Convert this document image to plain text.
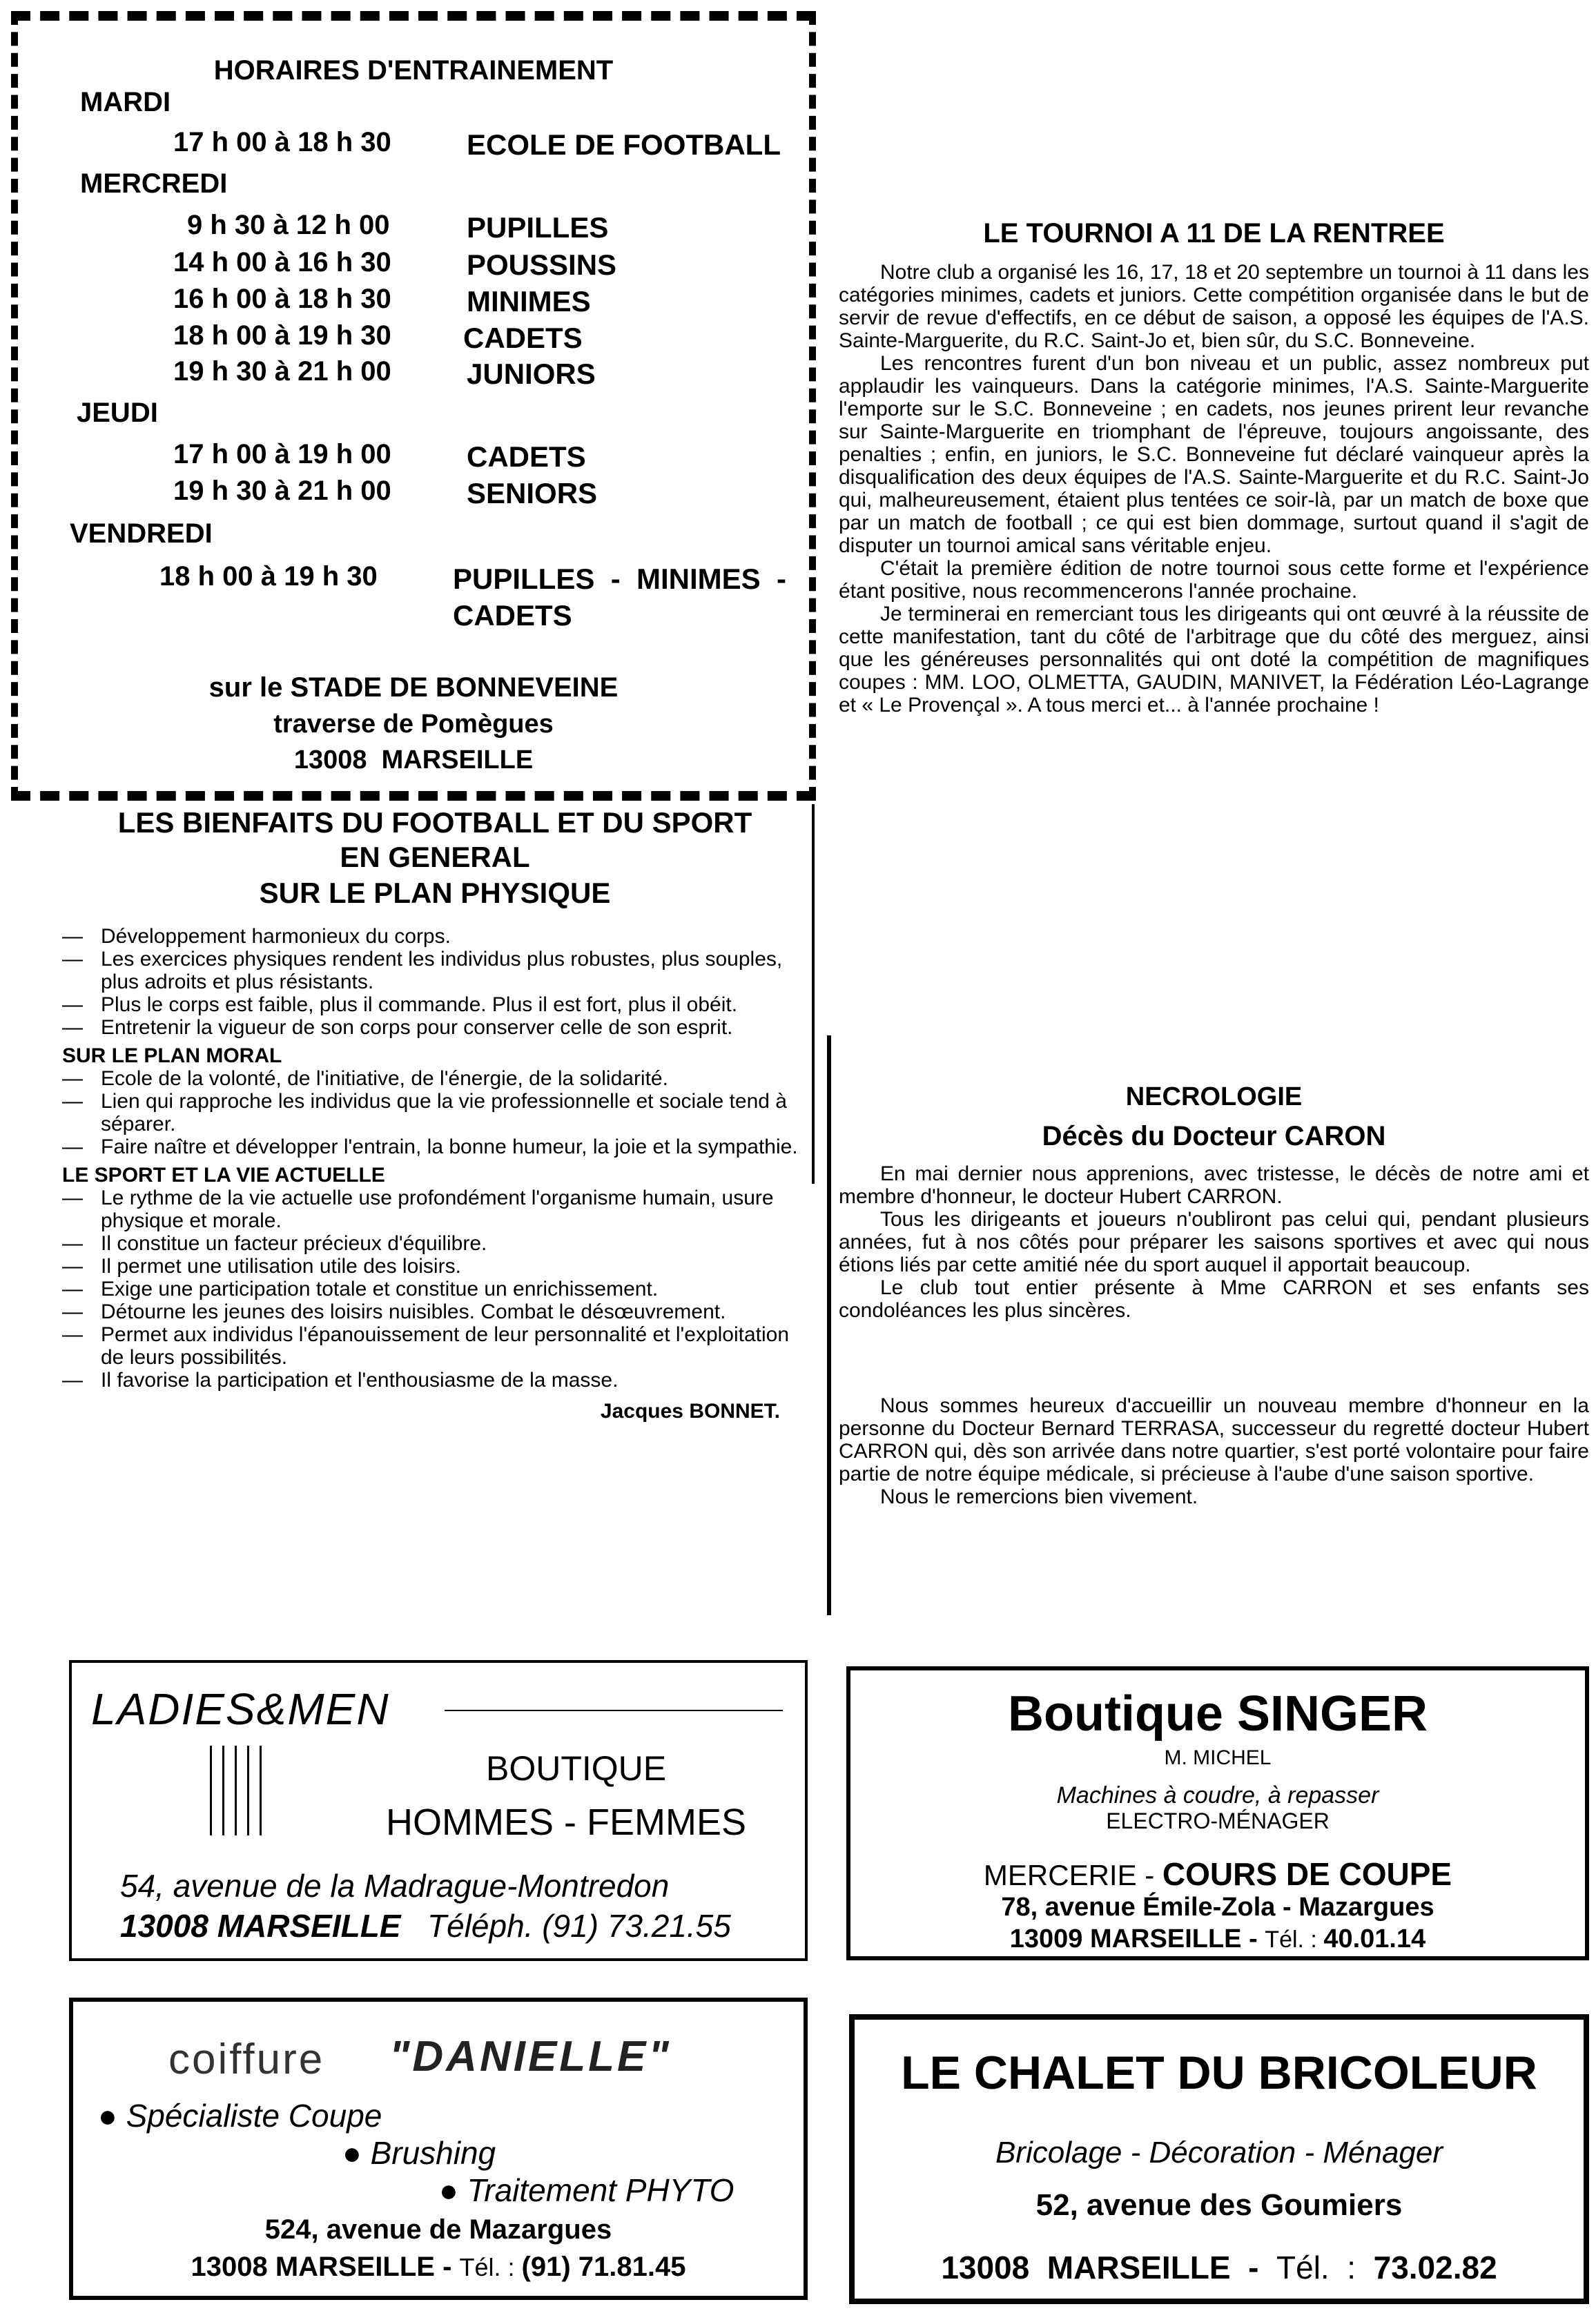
HORAIRES D'ENTRAINEMENT
MARDI
17 h 00 à 18 h 30	ECOLE DE FOOTBALL
MERCREDI
9 h 30 à 12 h 00	PUPILLES
14 h 00 à 16 h 30	POUSSINS
16 h 00 à 18 h 30	MINIMES
18 h 00 à 19 h 30 CADETS
19 h 30 à 21 h 00	JUNIORS
JEUDI
17 h 00 à 19 h 00	CADETS
19 h 30 à 21 h 00	SENIORS
VENDREDI
18 h 00 à 19 h 30	PUPILLES  -  MINIMES  -
CADETS
sur le STADE DE BONNEVEINE
traverse de Pomègues
13008  MARSEILLE
LES BIENFAITS DU FOOTBALL ET DU SPORT
EN GENERAL
SUR LE PLAN PHYSIQUE
— Développement harmonieux du corps.
— Les exercices physiques rendent les individus plus robustes, plus souples, plus adroits et plus résistants.
— Plus le corps est faible, plus il commande. Plus il est fort, plus il obéit.
— Entretenir la vigueur de son corps pour conserver celle de son esprit.
SUR LE PLAN MORAL
— Ecole de la volonté, de l'initiative, de l'énergie, de la solidarité.
— Lien qui rapproche les individus que la vie professionnelle et sociale tend à séparer.
— Faire naître et développer l'entrain, la bonne humeur, la joie et la sympathie.
LE SPORT ET LA VIE ACTUELLE
— Le rythme de la vie actuelle use profondément l'organisme humain, usure physique et morale.
— Il constitue un facteur précieux d'équilibre.
— Il permet une utilisation utile des loisirs.
— Exige une participation totale et constitue un enrichissement.
— Détourne les jeunes des loisirs nuisibles. Combat le désœuvrement.
— Permet aux individus l'épanouissement de leur personnalité et l'exploitation de leurs possibilités.
— Il favorise la participation et l'enthousiasme de la masse.
Jacques BONNET.
LE TOURNOI A 11 DE LA RENTREE

Notre club a organisé les 16, 17, 18 et 20 septembre un tournoi à 11 dans les catégories minimes, cadets et juniors. Cette compétition organisée dans le but de servir de revue d'effectifs, en ce début de saison, a opposé les équipes de l'A.S. Sainte-Marguerite, du R.C. Saint-Jo et, bien sûr, du S.C. Bonneveine.

Les rencontres furent d'un bon niveau et un public, assez nombreux put applaudir les vainqueurs. Dans la catégorie minimes, l'A.S. Sainte-Marguerite l'emporte sur le S.C. Bonneveine ; en cadets, nos jeunes prirent leur revanche sur Sainte-Marguerite en triomphant de l'épreuve, toujours angoissante, des penalties ; enfin, en juniors, le S.C. Bonneveine fut déclaré vainqueur après la disqualification des deux équipes de l'A.S. Sainte-Marguerite et du R.C. Saint-Jo qui, malheureusement, étaient plus tentées ce soir-là, par un match de boxe que par un match de football ; ce qui est bien dommage, surtout quand il s'agit de disputer un tournoi amical sans véritable enjeu.

C'était la première édition de notre tournoi sous cette forme et l'expérience étant positive, nous recommencerons l'année prochaine.

Je terminerai en remerciant tous les dirigeants qui ont œuvré à la réussite de cette manifestation, tant du côté de l'arbitrage que du côté des merguez, ainsi que les généreuses personnalités qui ont doté la compétition de magnifiques coupes : MM. LOO, OLMETTA, GAUDIN, MANIVET, la Fédération Léo-Lagrange et « Le Provençal ». A tous merci et... à l'année prochaine !

NECROLOGIE
Décès du Docteur CARON

En mai dernier nous apprenions, avec tristesse, le décès de notre ami et membre d'honneur, le docteur Hubert CARRON.

Tous les dirigeants et joueurs n'oubliront pas celui qui, pendant plusieurs années, fut à nos côtés pour préparer les saisons sportives et avec qui nous étions liés par cette amitié née du sport auquel il apportait beaucoup.

Le club tout entier présente à Mme CARRON et ses enfants ses condoléances les plus sincères.

Nous sommes heureux d'accueillir un nouveau membre d'honneur en la personne du Docteur Bernard TERRASA, successeur du regretté docteur Hubert CARRON qui, dès son arrivée dans notre quartier, s'est porté volontaire pour faire partie de notre équipe médicale, si précieuse à l'aube d'une saison sportive.

Nous le remercions bien vivement.

LADIES&MEN
BOUTIQUE
HOMMES - FEMMES
54, avenue de la Madrague-Montredon
13008 MARSEILLE Téléph. (91) 73.21.55
Boutique SINGER
M. MICHEL
Machines à coudre, à repasser
ELECTRO-MÉNAGER
MERCERIE - COURS DE COUPE
78, avenue Émile-Zola - Mazargues
13009 MARSEILLE - Tél. : 40.01.14
coiffure "DANIELLE"
● Spécialiste Coupe
● Brushing
● Traitement PHYTO
524, avenue de Mazargues
13008 MARSEILLE - Tél. : (91) 71.81.45
LE CHALET DU BRICOLEUR
Bricolage - Décoration - Ménager
52, avenue des Goumiers
13008  MARSEILLE  -  Tél.  :  73.02.82
